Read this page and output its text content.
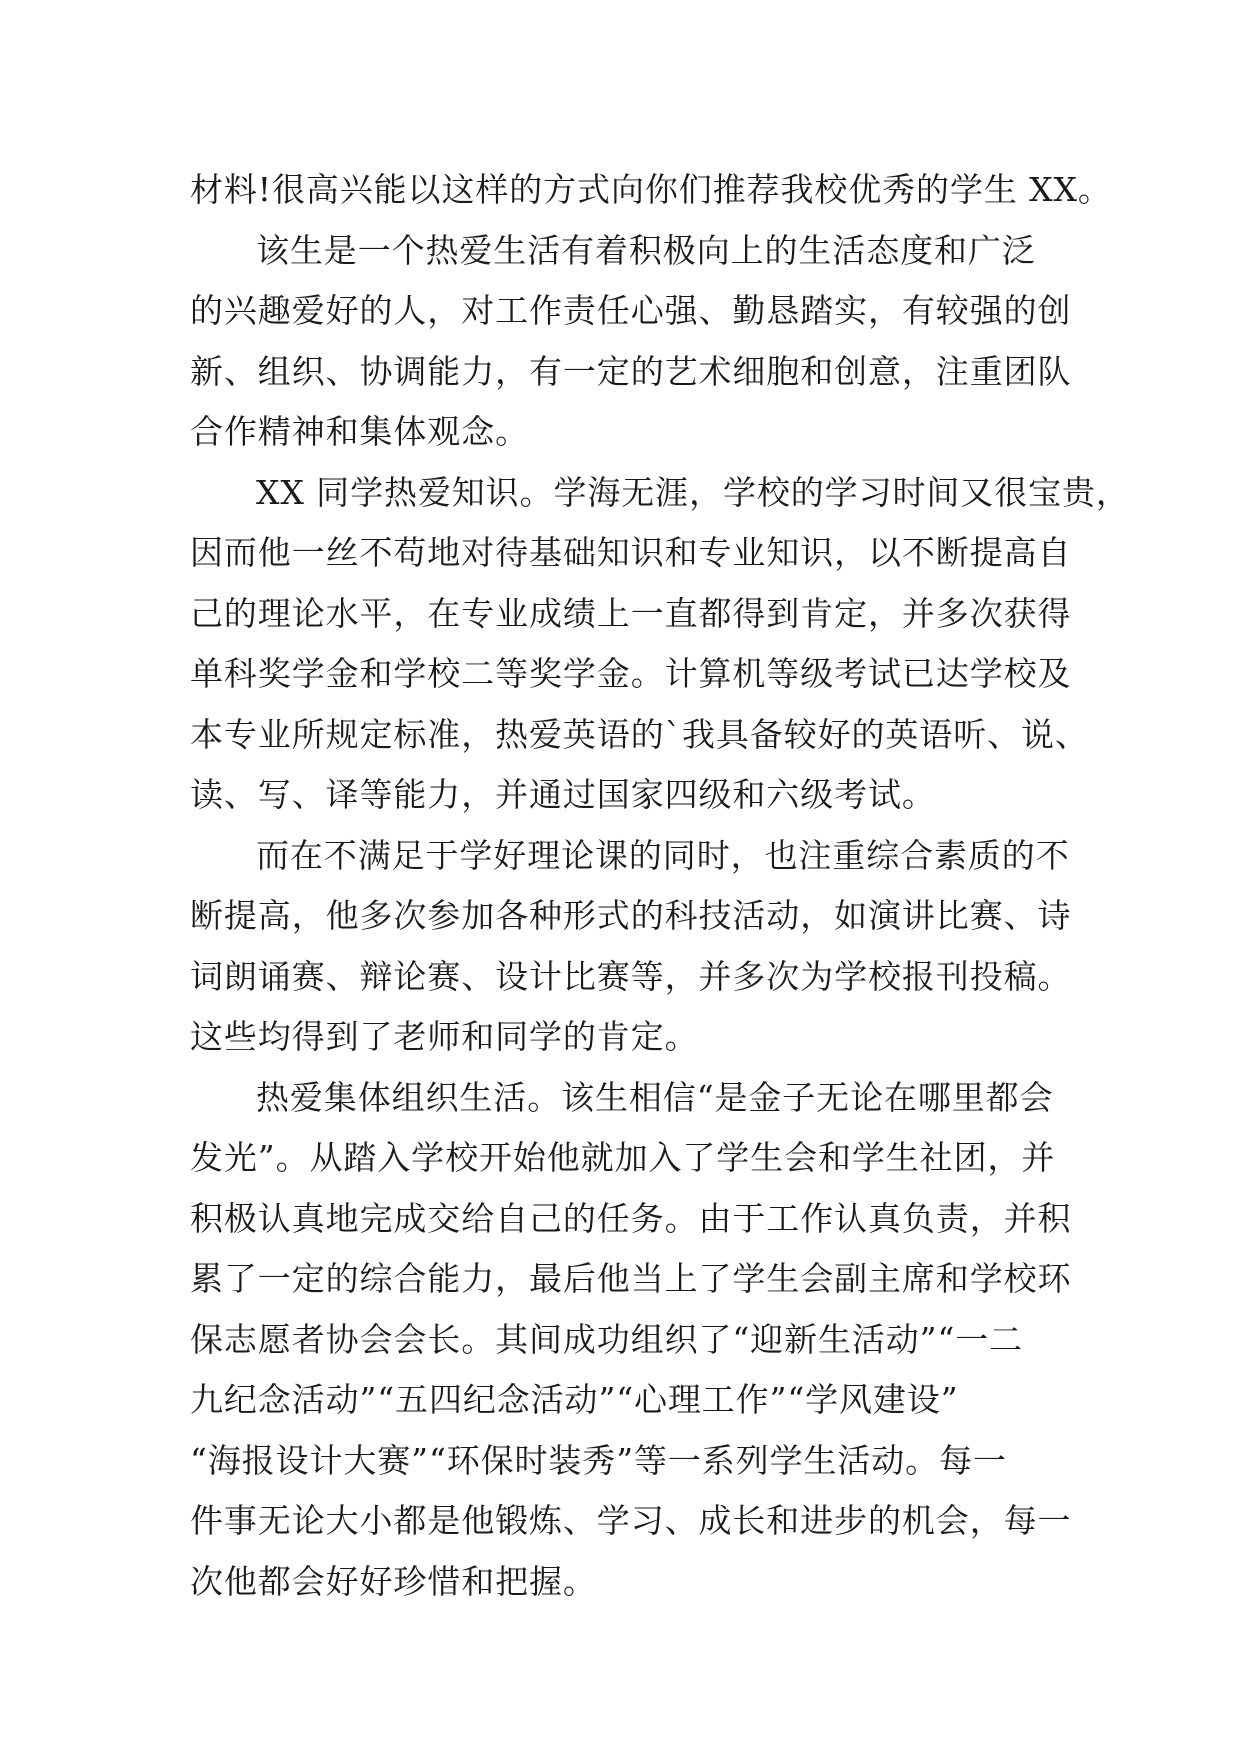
材料!很高兴能以这样的方式向你们推荐我校优秀的学生 XX。
该生是一个热爱生活有着积极向上的生活态度和广泛
的兴趣爱好的人，对工作责任心强、勤恳踏实，有较强的创
新、组织、协调能力，有一定的艺术细胞和创意，注重团队
合作精神和集体观念。
XX 同学热爱知识。学海无涯，学校的学习时间又很宝贵，
因而他一丝不苟地对待基础知识和专业知识，以不断提高自
己的理论水平，在专业成绩上一直都得到肯定，并多次获得
单科奖学金和学校二等奖学金。计算机等级考试已达学校及
本专业所规定标准，热爱英语的`我具备较好的英语听、说、
读、写、译等能力，并通过国家四级和六级考试。
而在不满足于学好理论课的同时，也注重综合素质的不
断提高，他多次参加各种形式的科技活动，如演讲比赛、诗
词朗诵赛、辩论赛、设计比赛等，并多次为学校报刊投稿。
这些均得到了老师和同学的肯定。
热爱集体组织生活。该生相信“是金子无论在哪里都会
发光”。从踏入学校开始他就加入了学生会和学生社团，并
积极认真地完成交给自己的任务。由于工作认真负责，并积
累了一定的综合能力，最后他当上了学生会副主席和学校环
保志愿者协会会长。其间成功组织了“迎新生活动”“一二
九纪念活动”“五四纪念活动”“心理工作”“学风建设”
“海报设计大赛”“环保时装秀”等一系列学生活动。每一
件事无论大小都是他锻炼、学习、成长和进步的机会，每一
次他都会好好珍惜和把握。
